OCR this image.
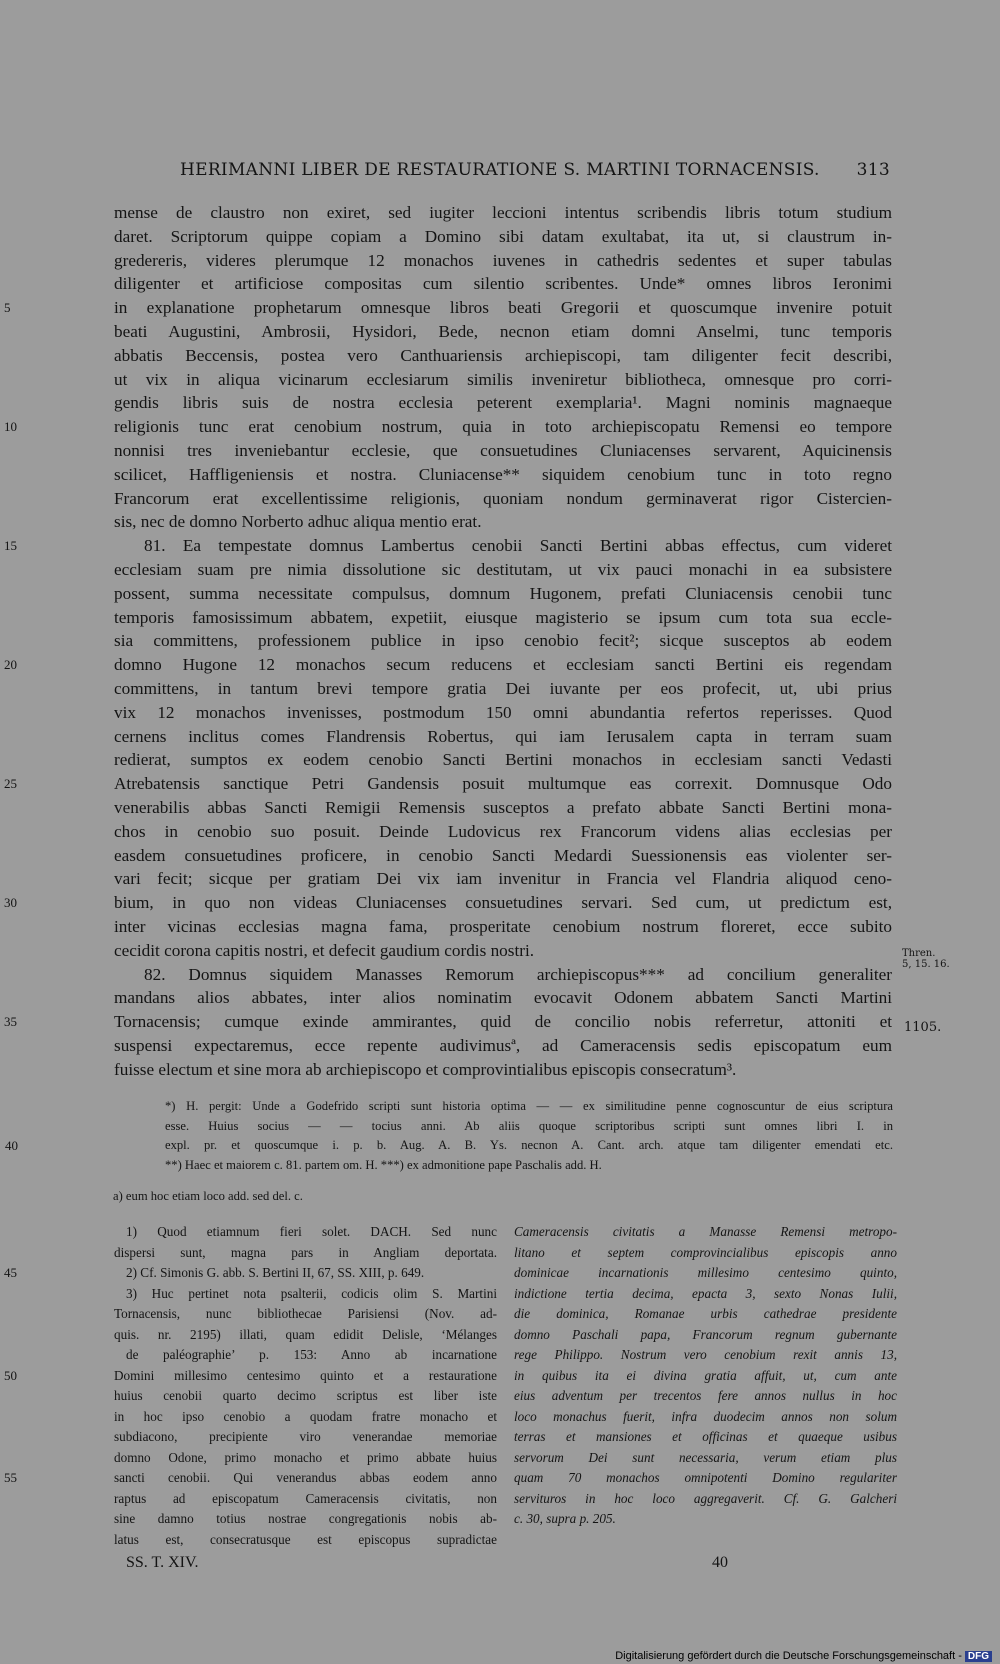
HERIMANNI LIBER DE RESTAURATIONE S. MARTINI TORNACENSIS. 313
mense de claustro non exiret, sed iugiter leccioni intentus scribendis libris totum studium
daret. Scriptorum quippe copiam a Domino sibi datam exultabat, ita ut, si claustrum in-
gredereris, videres plerumque 12 monachos iuvenes in cathedris sedentes et super tabulas
diligenter et artificiose compositas cum silentio scribentes. Unde* omnes libros Ieronimi
5	in explanatione prophetarum omnesque libros beati Gregorii et quoscumque invenire potuit
beati Augustini, Ambrosii, Hysidori, Bede, necnon etiam domni Anselmi, tunc temporis
abbatis Beccensis, postea vero Canthuariensis archiepiscopi, tam diligenter fecit describi,
ut vix in aliqua vicinarum ecclesiarum similis inveniretur bibliotheca, omnesque pro corri-
gendis libris suis de nostra ecclesia peterent exemplaria¹. Magni nominis magnaeque
10	religionis tunc erat cenobium nostrum, quia in toto archiepiscopatu Remensi eo tempore
nonnisi tres inveniebantur ecclesie, que consuetudines Cluniacenses servarent, Aquicinensis
scilicet, Haffligeniensis et nostra. Cluniacense** siquidem cenobium tunc in toto regno
Francorum erat excellentissime religionis, quoniam nondum germinaverat rigor Cistercien-
sis, nec de domno Norberto adhuc aliqua mentio erat.
15	81. Ea tempestate domnus Lambertus cenobii Sancti Bertini abbas effectus, cum videret
ecclesiam suam pre nimia dissolutione sic destitutam, ut vix pauci monachi in ea subsistere
possent, summa necessitate compulsus, domnum Hugonem, prefati Cluniacensis cenobii tunc
temporis famosissimum abbatem, expetiit, eiusque magisterio se ipsum cum tota sua eccle-
sia committens, professionem publice in ipso cenobio fecit²; sicque susceptos ab eodem
20	domno Hugone 12 monachos secum reducens et ecclesiam sancti Bertini eis regendam
committens, in tantum brevi tempore gratia Dei iuvante per eos profecit, ut, ubi prius
vix 12 monachos invenisses, postmodum 150 omni abundantia refertos reperisses. Quod
cernens inclitus comes Flandrensis Robertus, qui iam Ierusalem capta in terram suam
redierat, sumptos ex eodem cenobio Sancti Bertini monachos in ecclesiam sancti Vedasti
25	Atrebatensis sanctique Petri Gandensis posuit multumque eas correxit. Domnusque Odo
venerabilis abbas Sancti Remigii Remensis susceptos a prefato abbate Sancti Bertini mona-
chos in cenobio suo posuit. Deinde Ludovicus rex Francorum videns alias ecclesias per
easdem consuetudines proficere, in cenobio Sancti Medardi Suessionensis eas violenter ser-
vari fecit; sicque per gratiam Dei vix iam invenitur in Francia vel Flandria aliquod ceno-
30	bium, in quo non videas Cluniacenses consuetudines servari. Sed cum, ut predictum est,
inter vicinas ecclesias magna fama, prosperitate cenobium nostrum floreret, ecce subito
cecidit corona capitis nostri, et defecit gaudium cordis nostri.
82. Domnus siquidem Manasses Remorum archiepiscopus*** ad concilium generaliter
mandans alios abbates, inter alios nominatim evocavit Odonem abbatem Sancti Martini
35	Tornacensis; cumque exinde ammirantes, quid de concilio nobis referretur, attoniti et
suspensi expectaremus, ecce repente audivimusª, ad Cameracensis sedis episcopatum eum
fuisse electum et sine mora ab archiepiscopo et comprovintialibus episcopis consecratum³.
Thren.
5, 15. 16.
1105.
*) H. pergit: Unde a Godefrido scripti sunt historia optima — — ex similitudine penne cognoscuntur de eius scriptura
esse. Huius socius — — tocius anni. Ab aliis quoque scriptoribus scripti sunt omnes libri I. in
40	expl. pr. et quoscumque i. p. b. Aug. A. B. Ys. necnon A. Cant. arch. atque tam diligenter emendati etc.
**) Haec et maiorem c. 81. partem om. H. ***) ex admonitione pape Paschalis add. H.
a) eum hoc etiam loco add. sed del. c.
1) Quod etiamnum fieri solet. DACH. Sed nunc
dispersi sunt, magna pars in Angliam deportata.
45	2) Cf. Simonis G. abb. S. Bertini II, 67, SS. XIII, p. 649.
3) Huc pertinet nota psalterii, codicis olim S. Martini
Tornacensis, nunc bibliothecae Parisiensi (Nov. ad-
quis. nr. 2195) illati, quam edidit Delisle, ‘Mélanges
de paléographie’ p. 153: Anno ab incarnatione
50	Domini millesimo centesimo quinto et a restauratione
huius cenobii quarto decimo scriptus est liber iste
in hoc ipso cenobio a quodam fratre monacho et
subdiacono, precipiente viro venerandae memoriae
domno Odone, primo monacho et primo abbate huius
55	sancti cenobii. Qui venerandus abbas eodem anno
raptus ad episcopatum Cameracensis civitatis, non
sine damno totius nostrae congregationis nobis ab-
latus est, consecratusque est episcopus supradictae
Cameracensis civitatis a Manasse Remensi metropo-
litano et septem comprovincialibus episcopis anno
dominicae incarnationis millesimo centesimo quinto,
indictione tertia decima, epacta 3, sexto Nonas Iulii,
die dominica, Romanae urbis cathedrae presidente
domno Paschali papa, Francorum regnum gubernante
rege Philippo. Nostrum vero cenobium rexit annis 13,
in quibus ita ei divina gratia affuit, ut, cum ante
eius adventum per trecentos fere annos nullus in hoc
loco monachus fuerit, infra duodecim annos non solum
terras et mansiones et officinas et quaeque usibus
servorum Dei sunt necessaria, verum etiam plus
quam 70 monachos omnipotenti Domino regulariter
servituros in hoc loco aggregaverit. Cf. G. Galcheri
c. 30, supra p. 205.
SS. T. XIV.	40
Digitalisierung gefördert durch die Deutsche Forschungsgemeinschaft - DFG
